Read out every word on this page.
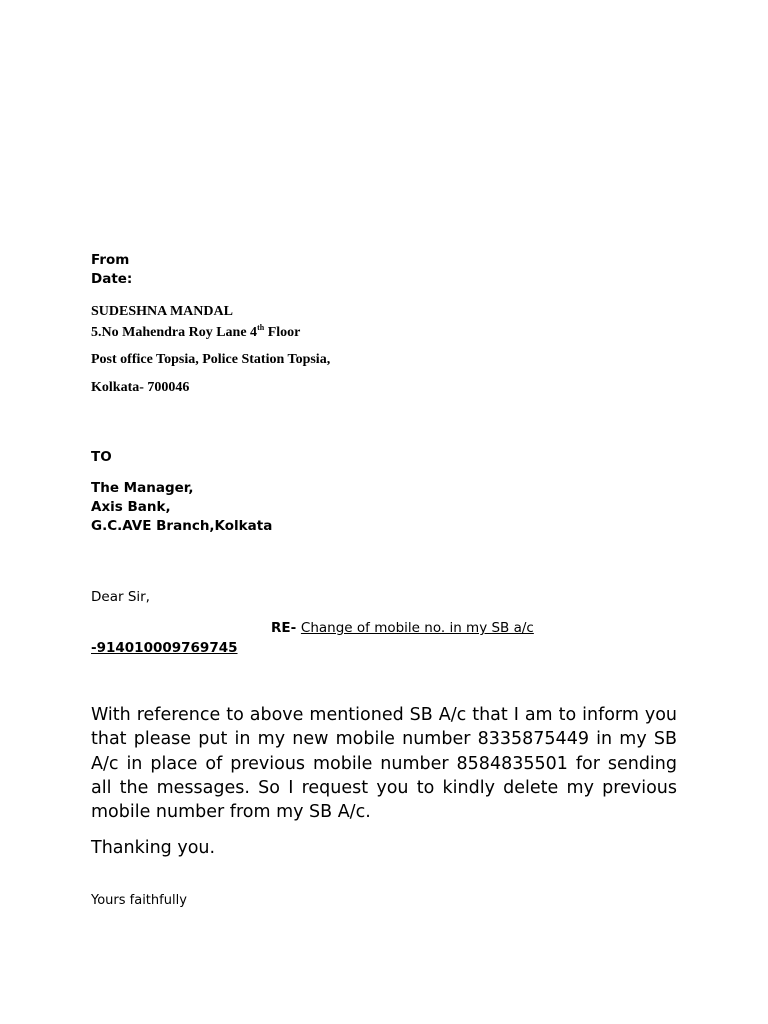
From
Date:
SUDESHNA MANDAL
5.No Mahendra Roy Lane 4th Floor
Post office Topsia, Police Station Topsia,
Kolkata- 700046
TO
The Manager,
Axis Bank,
G.C.AVE Branch,Kolkata
Dear Sir,
RE- Change of mobile no. in my SB a/c
-914010009769745
With reference to above mentioned SB A/c that I am to inform you that please put in my new mobile number 8335875449 in my SB A/c in place of previous mobile number 8584835501 for sending all the messages. So I request you to kindly delete my previous mobile number from my SB A/c.
Thanking you.
Yours faithfully
